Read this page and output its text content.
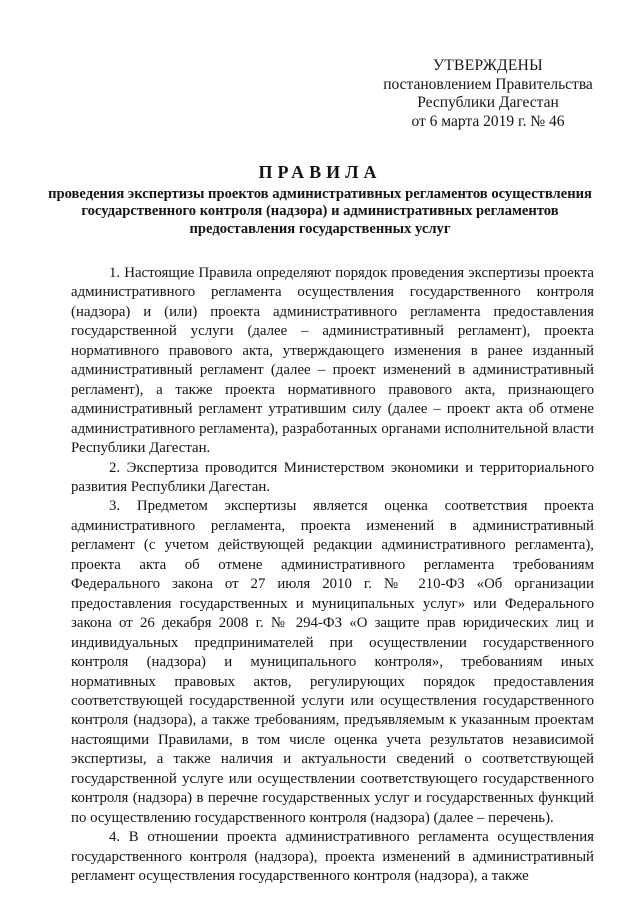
УТВЕРЖДЕНЫ
постановлением Правительства
Республики Дагестан
от 6 марта 2019 г. № 46
ПРАВИЛА
проведения экспертизы проектов административных регламентов осуществления государственного контроля (надзора) и административных регламентов предоставления государственных услуг

1. Настоящие Правила определяют порядок проведения экспертизы проекта административного регламента осуществления государственного контроля (надзора) и (или) проекта административного регламента предоставления государственной услуги (далее – административный регламент), проекта нормативного правового акта, утверждающего изменения в ранее изданный административный регламент (далее – проект изменений в административный регламент), а также проекта нормативного правового акта, признающего административный регламент утратившим силу (далее – проект акта об отмене административного регламента), разработанных органами исполнительной власти Республики Дагестан.

2. Экспертиза проводится Министерством экономики и территориального развития Республики Дагестан.

3. Предметом экспертизы является оценка соответствия проекта административного регламента, проекта изменений в административный регламент (с учетом действующей редакции административного регламента), проекта акта об отмене административного регламента требованиям Федерального закона от 27 июля 2010 г. № 210-ФЗ «Об организации предоставления государственных и муниципальных услуг» или Федерального закона от 26 декабря 2008 г. № 294-ФЗ «О защите прав юридических лиц и индивидуальных предпринимателей при осуществлении государственного контроля (надзора) и муниципального контроля», требованиям иных нормативных правовых актов, регулирующих порядок предоставления соответствующей государственной услуги или осуществления государственного контроля (надзора), а также требованиям, предъявляемым к указанным проектам настоящими Правилами, в том числе оценка учета результатов независимой экспертизы, а также наличия и актуальности сведений о соответствующей государственной услуге или осуществлении соответствующего государственного контроля (надзора) в перечне государственных услуг и государственных функций по осуществлению государственного контроля (надзора) (далее – перечень).

4. В отношении проекта административного регламента осуществления государственного контроля (надзора), проекта изменений в административный регламент осуществления государственного контроля (надзора), а также
